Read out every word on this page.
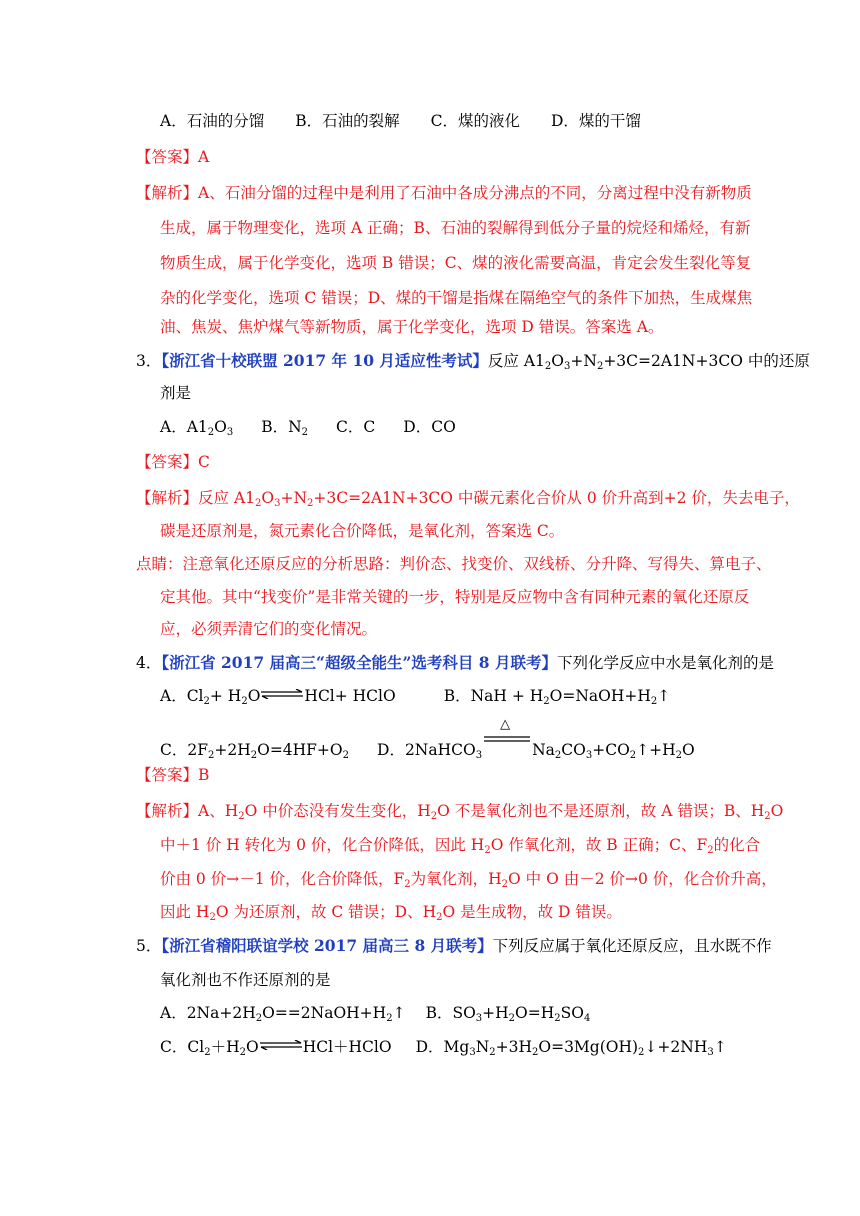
A．石油的分馏　　B．石油的裂解　　C．煤的液化　　D．煤的干馏
【答案】A
【解析】A、石油分馏的过程中是利用了石油中各成分沸点的不同，分离过程中没有新物质
生成，属于物理变化，选项 A 正确；B、石油的裂解得到低分子量的烷烃和烯烃，有新
物质生成，属于化学变化，选项 B 错误；C、煤的液化需要高温，肯定会发生裂化等复
杂的化学变化，选项 C 错误；D、煤的干馏是指煤在隔绝空气的条件下加热，生成煤焦
油、焦炭、焦炉煤气等新物质，属于化学变化，选项 D 错误。答案选 A。
3．【浙江省十校联盟 2017 年 10 月适应性考试】反应 $A1_2O_3+N_2+3C=2A1N+3CO$ 中的还原
剂是
A．$A1_2O_3$ B．$N_2$ C．C D．CO
【答案】C
【解析】反应 $A1_2O_3+N_2+3C=2A1N+3CO$ 中碳元素化合价从 0 价升高到+2 价，失去电子，
碳是还原剂是，氮元素化合价降低，是氧化剂，答案选 C。
点睛：注意氧化还原反应的分析思路：判价态、找变价、双线桥、分升降、写得失、算电子、
定其他。其中“找变价”是非常关键的一步，特别是反应物中含有同种元素的氧化还原反
应，必须弄清它们的变化情况。
4．【浙江省 2017 届高三“超级全能生”选考科目 8 月联考】下列化学反应中水是氧化剂的是
A．$Cl_2+$ $H_2O\rightleftharpoons HCl+$ HClO	B．NaH + $H_2O=NaOH+H_2↑$
C．$2F_2+2H_2O=4HF+O_2$ D．2NaHCO$_3$
△
$Na_2CO_3+CO_2↑+H_2O$
【答案】B
【解析】A、$H_2O$ 中价态没有发生变化，$H_2O$ 不是氧化剂也不是还原剂，故 A 错误；B、$H_2O$
中＋1 价 H 转化为 0 价，化合价降低，因此 $H_2O$ 作氧化剂，故 B 正确；C、$F_2$的化合
价由 0 价→－1 价，化合价降低，$F_2$为氧化剂，$H_2O$ 中 O 由－2 价→0 价，化合价升高，
因此 $H_2O$ 为还原剂，故 C 错误；D、$H_2O$ 是生成物，故 D 错误。
5．【浙江省稽阳联谊学校 2017 届高三 8 月联考】下列反应属于氧化还原反应，且水既不作
氧化剂也不作还原剂的是
A．$2Na+2H_2O==2NaOH+H_2↑$ B．$SO_3+H_2O=H_2SO_4$
C．$Cl_2+H_2O\rightleftharpoons HCl+HClO$ D．$Mg_3N_2+3H_2O=3Mg(OH)_2↓+2NH_3↑$
